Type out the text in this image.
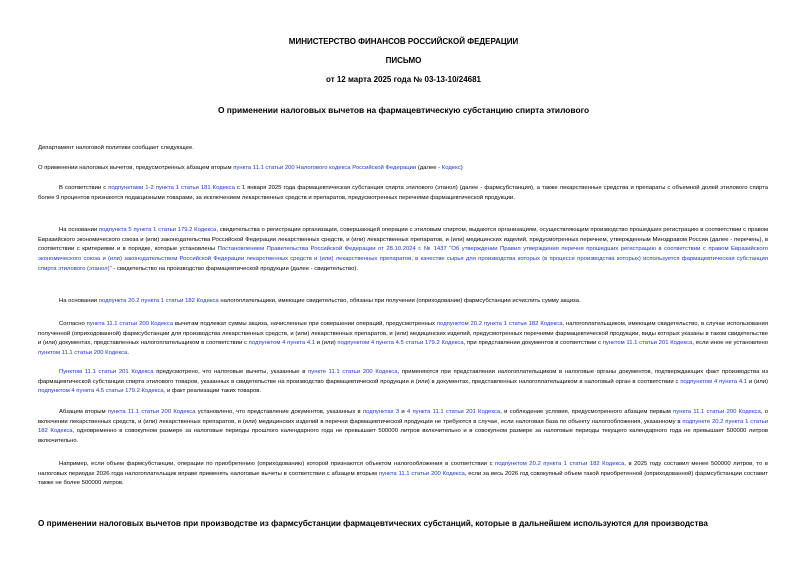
МИНИСТЕРСТВО ФИНАНСОВ РОССИЙСКОЙ ФЕДЕРАЦИИ
ПИСЬМО
от 12 марта 2025 года № 03-13-10/24681
О применении налоговых вычетов на фармацевтическую субстанцию спирта этилового

Департамент налоговой политики сообщает следующее.

О применении налоговых вычетов, предусмотренных абзацем вторым пункта 11.1 статьи 200 Налогового кодекса Российской Федерации (далее - Кодекс)

В соответствии с подпунктами 1-2 пункта 1 статьи 181 Кодекса с 1 января 2025 года фармацевтическая субстанция спирта этилового (этанол) (далее - фармсубстанция), а также лекарственные средства и препараты с объемной долей этилового спирта более 9 процентов признаются подакцизными товарами, за исключением лекарственных средств и препаратов, предусмотренных перечнями фармацевтической продукции.

На основании подпункта 5 пункта 1 статьи 179.2 Кодекса, свидетельства о регистрации организации, совершающей операции с этиловым спиртом, выдаются организациям, осуществляющим производство прошедших регистрацию в соответствии с правом Евразийского экономического союза и (или) законодательства Российской Федерации лекарственных средств, и (или) лекарственных препаратов, и (или) медицинских изделий, предусмотренных перечнем, утвержденным Минздравом России (далее - перечень), в соответствии с критериями и в порядке, которые установлены Постановлением Правительства Российской Федерации от 28.10.2024 г. № 1437 "Об утверждении Правил утверждения перечня прошедших регистрацию в соответствии с правом Евразийского экономического союза и (или) законодательством Российской Федерации лекарственных средств и (или) лекарственных препаратов, в качестве сырья для производства которых (в процессе производства которых) используется фармацевтическая субстанция спирта этилового (этанол)" - свидетельство на производство фармацевтической продукции (далее - свидетельство).

На основании подпункта 20.2 пункта 1 статьи 182 Кодекса налогоплательщики, имеющие свидетельство, обязаны при получении (оприходовании) фармсубстанции исчислить сумму акциза.

Согласно пункта 11.1 статьи 200 Кодекса вычетам подлежат суммы акциза, начисленные при совершении операций, предусмотренных подпунктом 20.2 пункта 1 статьи 182 Кодекса, налогоплательщиком, имеющим свидетельство, в случае использования полученной (оприходованной) фармсубстанции для производства лекарственных средств, и (или) лекарственных препаратов, и (или) медицинских изделий, предусмотренных перечнями фармацевтической продукции, виды которых указаны в таком свидетельстве и (или) документах, представленных налогоплательщиком в соответствии с подпунктом 4 пункта 4.1 и (или) подпунктом 4 пункта 4.5 статьи 179.2 Кодекса, при представлении документов в соответствии с пунктом 11.1 статьи 201 Кодекса, если иное не установлено пунктом 11.1 статьи 200 Кодекса.

Пунктом 11.1 статьи 201 Кодекса предусмотрено, что налоговые вычеты, указанные в пункте 11.1 статьи 200 Кодекса, применяются при представлении налогоплательщиком в налоговые органы документов, подтверждающих факт производства из фармацевтической субстанции спирта этилового товаров, указанных в свидетельстве на производство фармацевтической продукции и (или) в документах, представленных налогоплательщиком в налоговый орган в соответствии с подпунктом 4 пункта 4.1 и (или) подпунктом 4 пункта 4.5 статьи 179.2 Кодекса, и факт реализации таких товаров.

Абзацем вторым пункта 11.1 статьи 200 Кодекса установлено, что представление документов, указанных в подпунктах 3 и 4 пункта 11.1 статьи 201 Кодекса, и соблюдение условия, предусмотренного абзацем первым пункта 11.1 статьи 200 Кодекса, о включении лекарственных средств, и (или) лекарственных препаратов, и (или) медицинских изделий в перечни фармацевтической продукции не требуются в случае, если налоговая база по объекту налогообложения, указанному в подпункте 20.2 пункта 1 статьи 182 Кодекса, одновременно в совокупном размере за налоговые периоды прошлого календарного года не превышает 500000 литров включительно и в совокупном размере за налоговые периоды текущего календарного года не превышает 500000 литров включительно.

Например, если объем фармсубстанции, операции по приобретению (оприходованию) которой признаются объектом налогообложения в соответствии с подпунктом 20.2 пункта 1 статьи 182 Кодекса, в 2025 году составил менее 500000 литров, то в налоговых периодах 2026 года налогоплательщик вправе применять налоговые вычеты в соответствии с абзацем вторым пункта 11.1 статьи 200 Кодекса, если за весь 2026 год совокупный объем такой приобретенной (оприходованной) фармсубстанции составит также не более 500000 литров.

О применении налоговых вычетов при производстве из фармсубстанции фармацевтических субстанций, которые в дальнейшем используются для производства
